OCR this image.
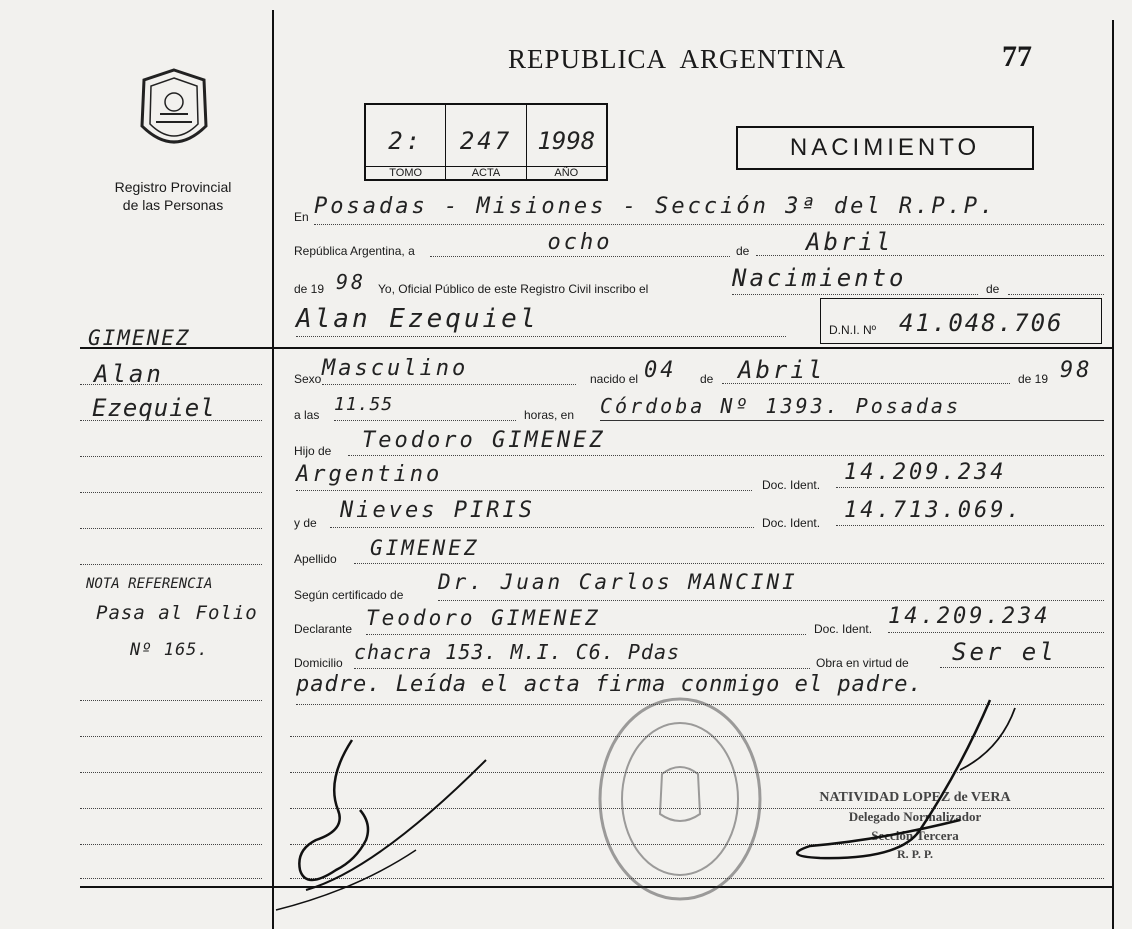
Registro Provincial
de las Personas
REPUBLICA  ARGENTINA	77
2:
TOMO
247
ACTA
1998
AÑO
NACIMIENTO
GIMENEZ
Alan
Ezequiel
NOTA REFERENCIA
Pasa al Folio
Nº 165.
En Posadas - Misiones - Sección 3ª del R.P.P.
República Argentina, a	ocho	de	Abril
de 19 98 Yo, Oficial Público de este Registro Civil inscribo el	Nacimiento	de
Alan Ezequiel	D.N.I. Nº 41.048.706
Sexo Masculino	nacido el 04 de	Abril	de 19 98
a las 11.55	horas, en Córdoba Nº 1393. Posadas
Hijo de	Teodoro GIMENEZ
Argentino	Doc. Ident.	14.209.234
y de	Nieves PIRIS	Doc. Ident.	14.713.069.
Apellido	GIMENEZ
Según certificado de
Dr. Juan Carlos MANCINI
Declarante Teodoro GIMENEZ	Doc. Ident. 14.209.234
Domicilio chacra 153. M.I. C6. Pdas	Obra en virtud de	Ser el
padre. Leída el acta firma conmigo el padre.
NATIVIDAD LOPEZ de VERA
Delegado Normalizador
Sección Tercera
R. P. P.
